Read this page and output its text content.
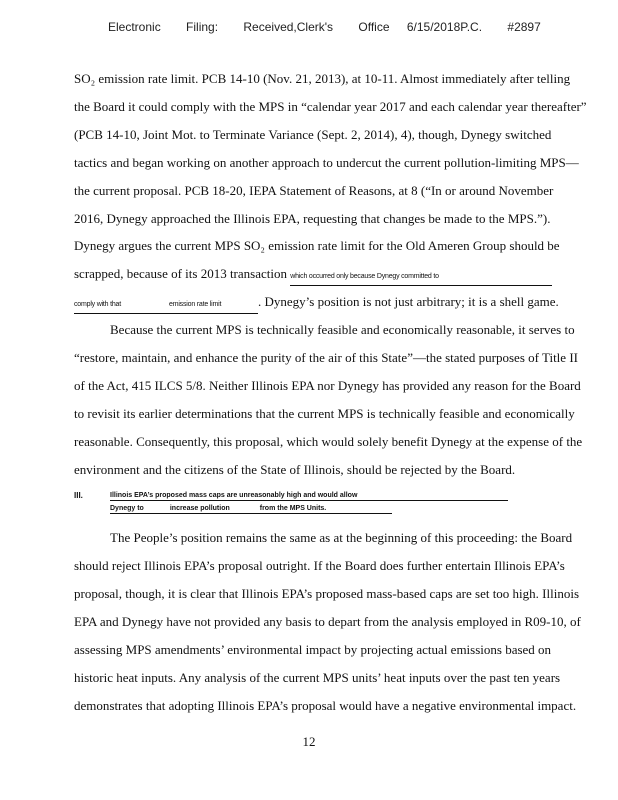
Electronic Filing: Received,Clerk's Office 6/15/2018P.C. #2897
SO₂ emission rate limit. PCB 14-10 (Nov. 21, 2013), at 10-11. Almost immediately after telling
the Board it could comply with the MPS in “calendar year 2017 and each calendar year thereafter”
(PCB 14-10, Joint Mot. to Terminate Variance (Sept. 2, 2014), 4), though, Dynegy switched
tactics and began working on another approach to undercut the current pollution-limiting MPS—
the current proposal. PCB 18-20, IEPA Statement of Reasons, at 8 (“In or around November
2016, Dynegy approached the Illinois EPA, requesting that changes be made to the MPS.”).
Dynegy argues the current MPS SO₂ emission rate limit for the Old Ameren Group should be
scrapped, because of its 2013 transaction which occurred only because Dynegy committed to
comply with that	emission rate limit	. Dynegy’s position is not just arbitrary; it is a shell game.
Because the current MPS is technically feasible and economically reasonable, it serves to
“restore, maintain, and enhance the purity of the air of this State”—the stated purposes of Title II
of the Act, 415 ILCS 5/8. Neither Illinois EPA nor Dynegy has provided any reason for the Board
to revisit its earlier determinations that the current MPS is technically feasible and economically
reasonable. Consequently, this proposal, which would solely benefit Dynegy at the expense of the
environment and the citizens of the State of Illinois, should be rejected by the Board.
III.	Illinois EPA’s proposed mass caps are unreasonably high and would allow
Dynegy to	increase pollution	from the MPS Units.
The People’s position remains the same as at the beginning of this proceeding: the Board
should reject Illinois EPA’s proposal outright. If the Board does further entertain Illinois EPA’s
proposal, though, it is clear that Illinois EPA’s proposed mass-based caps are set too high. Illinois
EPA and Dynegy have not provided any basis to depart from the analysis employed in R09-10, of
assessing MPS amendments’ environmental impact by projecting actual emissions based on
historic heat inputs. Any analysis of the current MPS units’ heat inputs over the past ten years
demonstrates that adopting Illinois EPA’s proposal would have a negative environmental impact.
12
